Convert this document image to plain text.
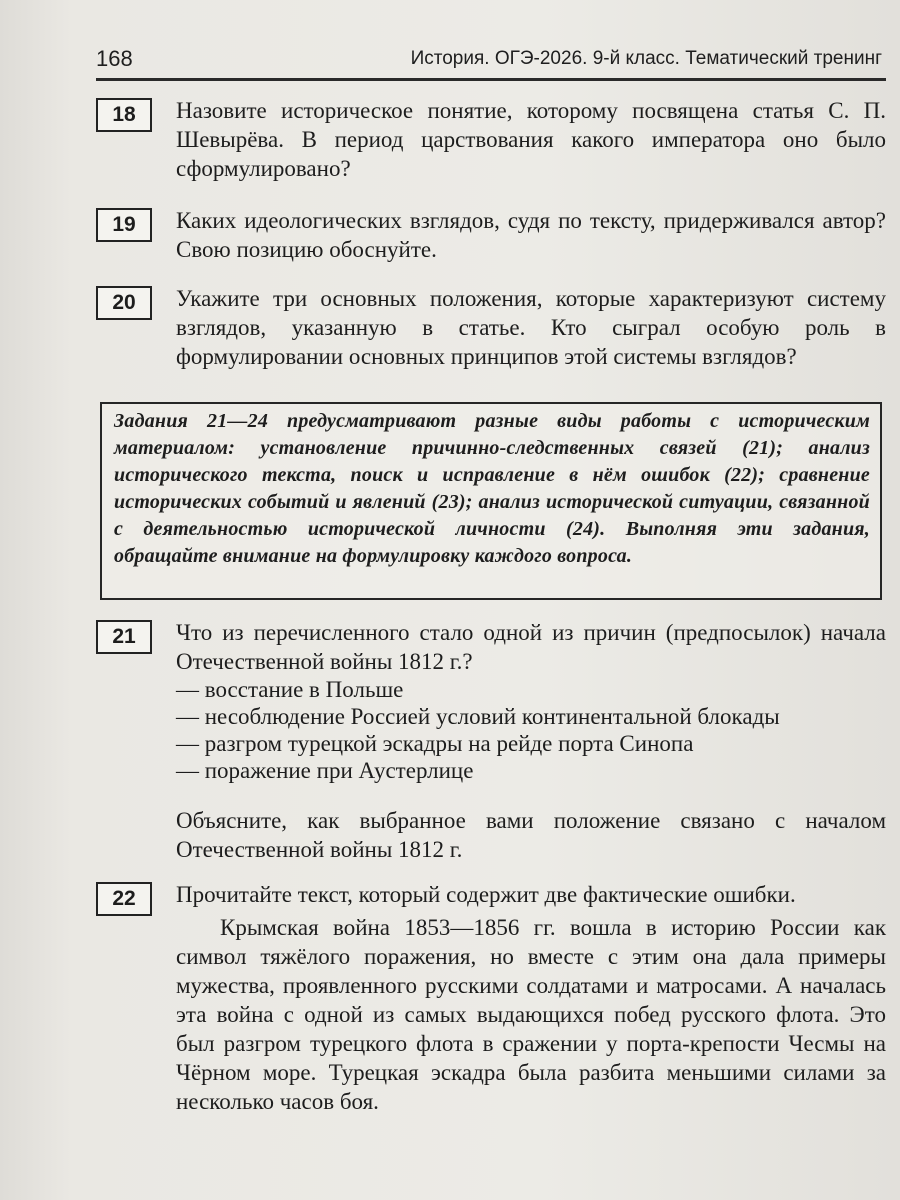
168	История. ОГЭ-2026. 9-й класс. Тематический тренинг
18	Назовите историческое понятие, которому посвящена статья С. П. Шевырёва. В период царствования какого императора оно было сформулировано?
19	Каких идеологических взглядов, судя по тексту, придерживался автор? Свою позицию обоснуйте.
20	Укажите три основных положения, которые характеризуют систему взглядов, указанную в статье. Кто сыграл особую роль в формулировании основных принципов этой системы взглядов?
Задания 21—24 предусматривают разные виды работы с историческим материалом: установление причинно-следственных связей (21); анализ исторического текста, поиск и исправление в нём ошибок (22); сравнение исторических событий и явлений (23); анализ исторической ситуации, связанной с деятельностью исторической личности (24). Выполняя эти задания, обращайте внимание на формулировку каждого вопроса.
21	Что из перечисленного стало одной из причин (предпосылок) начала Отечественной войны 1812 г.?
— восстание в Польше
— несоблюдение Россией условий континентальной блокады
— разгром турецкой эскадры на рейде порта Синопа
— поражение при Аустерлице
Объясните, как выбранное вами положение связано с началом Отечественной войны 1812 г.
22	Прочитайте текст, который содержит две фактические ошибки.
Крымская война 1853—1856 гг. вошла в историю России как символ тяжёлого поражения, но вместе с этим она дала примеры мужества, проявленного русскими солдатами и матросами. А началась эта война с одной из самых выдающихся побед русского флота. Это был разгром турецкого флота в сражении у порта-крепости Чесмы на Чёрном море. Турецкая эскадра была разбита меньшими силами за несколько часов боя.
